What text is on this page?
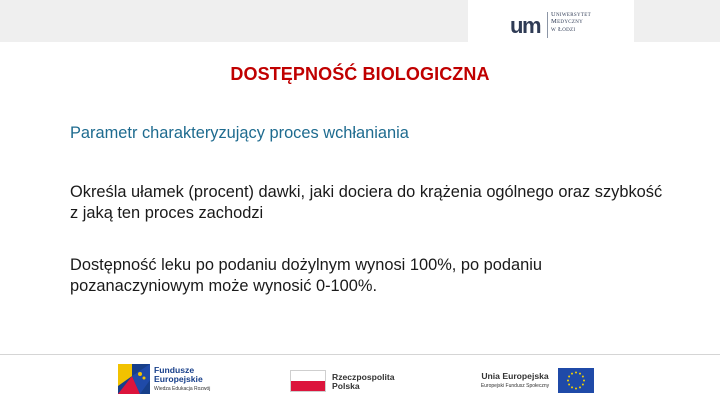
um Uniwersytet
Medyczny
w Łodzi
DOSTĘPNOŚĆ BIOLOGICZNA
Parametr charakteryzujący proces wchłaniania
Określa ułamek (procent) dawki, jaki dociera do krążenia ogólnego oraz szybkość z jaką ten proces zachodzi
Dostępność leku po podaniu dożylnym wynosi 100%, po podaniu pozanaczyniowym może wynosić 0-100%.
Fundusze
Europejskie
Wiedza Edukacja Rozwój
Rzeczpospolita
Polska
Unia Europejska
Europejski Fundusz Społeczny
